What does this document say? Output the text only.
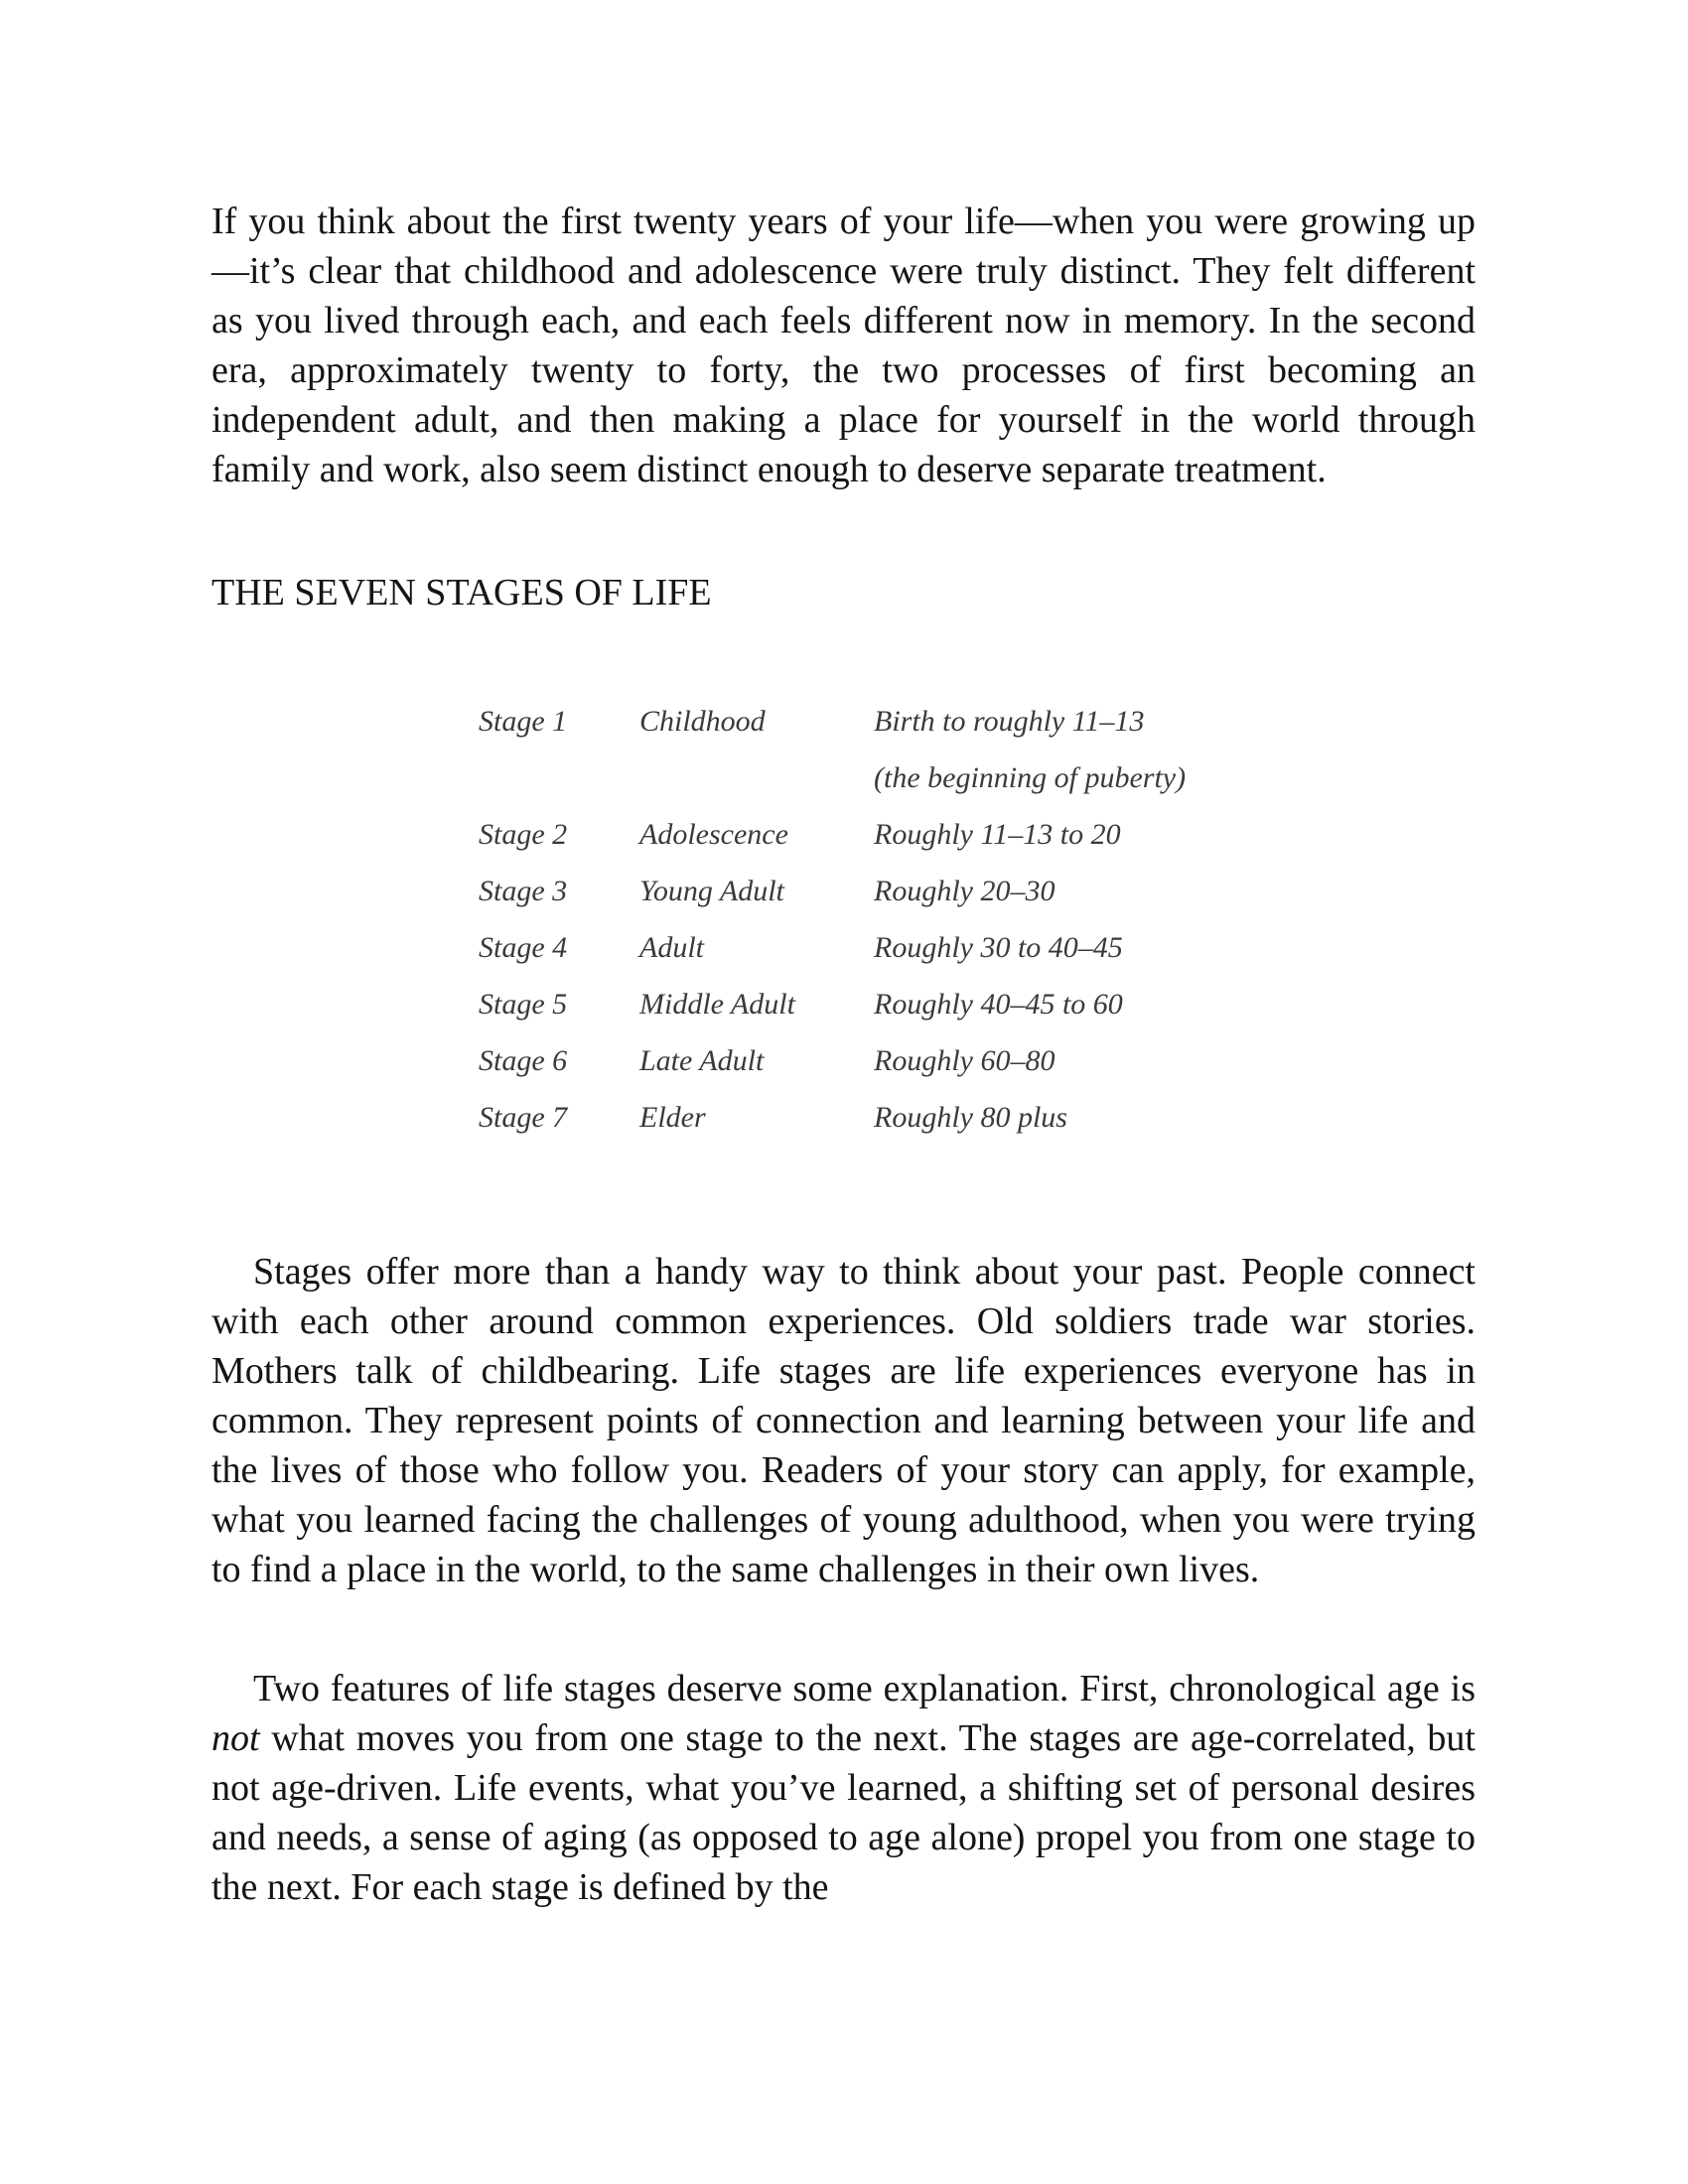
If you think about the first twenty years of your life—when you were growing up—it’s clear that childhood and adolescence were truly distinct. They felt different as you lived through each, and each feels different now in memory. In the second era, approximately twenty to forty, the two processes of first becoming an independent adult, and then making a place for yourself in the world through family and work, also seem distinct enough to deserve separate treatment.

THE SEVEN STAGES OF LIFE
Stage 1	Childhood	Birth to roughly 11–13
		(the beginning of puberty)
Stage 2	Adolescence	Roughly 11–13 to 20
Stage 3	Young Adult	Roughly 20–30
Stage 4	Adult	Roughly 30 to 40–45
Stage 5	Middle Adult	Roughly 40–45 to 60
Stage 6	Late Adult	Roughly 60–80
Stage 7	Elder	Roughly 80 plus

Stages offer more than a handy way to think about your past. People connect with each other around common experiences. Old soldiers trade war stories. Mothers talk of childbearing. Life stages are life experiences everyone has in common. They represent points of connection and learning between your life and the lives of those who follow you. Readers of your story can apply, for example, what you learned facing the challenges of young adulthood, when you were trying to find a place in the world, to the same challenges in their own lives.

Two features of life stages deserve some explanation. First, chronological age is not what moves you from one stage to the next. The stages are age-correlated, but not age-driven. Life events, what you’ve learned, a shifting set of personal desires and needs, a sense of aging (as opposed to age alone) propel you from one stage to the next. For each stage is defined by the
